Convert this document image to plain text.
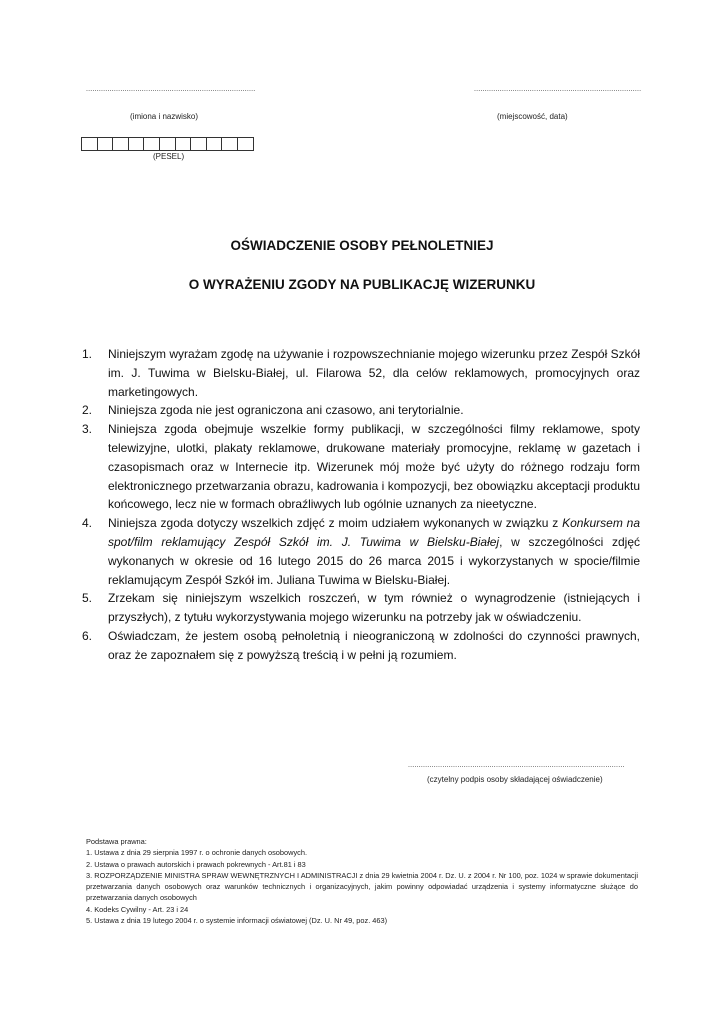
...............................................................................
(imiona i nazwisko)
..............................................................................
(miejscowość, data)
(PESEL)
OŚWIADCZENIE OSOBY PEŁNOLETNIEJ
O WYRAŻENIU ZGODY NA PUBLIKACJĘ WIZERUNKU
1. Niniejszym wyrażam zgodę na używanie i rozpowszechnianie mojego wizerunku przez Zespół Szkół im. J. Tuwima w Bielsku-Białej, ul. Filarowa 52, dla celów reklamowych, promocyjnych oraz marketingowych.
2. Niniejsza zgoda nie jest ograniczona ani czasowo, ani terytorialnie.
3. Niniejsza zgoda obejmuje wszelkie formy publikacji, w szczególności filmy reklamowe, spoty telewizyjne, ulotki, plakaty reklamowe, drukowane materiały promocyjne, reklamę w gazetach i czasopismach oraz w Internecie itp. Wizerunek mój może być użyty do różnego rodzaju form elektronicznego przetwarzania obrazu, kadrowania i kompozycji, bez obowiązku akceptacji produktu końcowego, lecz nie w formach obraźliwych lub ogólnie uznanych za nieetyczne.
4. Niniejsza zgoda dotyczy wszelkich zdjęć z moim udziałem wykonanych w związku z Konkursem na spot/film reklamujący Zespół Szkół im. J. Tuwima w Bielsku-Białej, w szczególności zdjęć wykonanych w okresie od 16 lutego 2015 do 26 marca 2015 i wykorzystanych w spocie/filmie reklamującym Zespół Szkół im. Juliana Tuwima w Bielsku-Białej.
5. Zrzekam się niniejszym wszelkich roszczeń, w tym również o wynagrodzenie (istniejących i przyszłych), z tytułu wykorzystywania mojego wizerunku na potrzeby jak w oświadczeniu.
6. Oświadczam, że jestem osobą pełnoletnią i nieograniczoną w zdolności do czynności prawnych, oraz że zapoznałem się z powyższą treścią i w pełni ją rozumiem.
.....................................................................................................
(czytelny podpis osoby składającej oświadczenie)
Podstawa prawna:
1. Ustawa z dnia 29 sierpnia 1997 r. o ochronie danych osobowych.
2. Ustawa o prawach autorskich i prawach pokrewnych - Art.81 i 83
3. ROZPORZĄDZENIE MINISTRA SPRAW WEWNĘTRZNYCH I ADMINISTRACJI z dnia 29 kwietnia 2004 r. Dz. U. z 2004 r. Nr 100, poz. 1024 w sprawie dokumentacji przetwarzania danych osobowych oraz warunków technicznych i organizacyjnych, jakim powinny odpowiadać urządzenia i systemy informatyczne służące do przetwarzania danych osobowych
4. Kodeks Cywilny - Art. 23 i 24
5. Ustawa z dnia 19 lutego 2004 r. o systemie informacji oświatowej (Dz. U. Nr 49, poz. 463)
